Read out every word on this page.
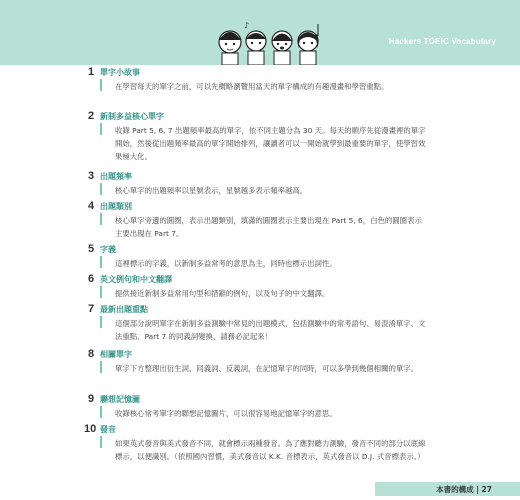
♪
Hackers TOEIC Vocabulary
1 單字小故事
在學習每天的單字之前，可以先概略瀏覽用當天的單字構成的有趣漫畫和學習重點。
2 新制多益核心單字
收錄 Part 5, 6, 7 出題頻率最高的單字，依不同主題分為 30 天。每天的順序先從漫畫裡的單字開始，然後從出題頻率最高的單字開始排列，讓讀者可以一開始就學到最重要的單字，使學習效果極大化。
3 出題頻率
核心單字的出題頻率以星號表示，星號越多表示頻率越高。
4 出題類別
核心單字旁邊的圓圈，表示出題類別，填滿的圓圈表示主要出現在 Part 5, 6，白色的圓圈表示主要出現在 Part 7。
5 字義
這裡標示的字義，以新制多益常考的意思為主，同時也標示出詞性。
6 英文例句和中文翻譯
提供接近新制多益常用句型和措辭的例句，以及句子的中文翻譯。
7 最新出題重點
這個部分說明單字在新制多益測驗中常見的出題模式，包括測驗中的常考語句、易混淆單字、文法重點、Part 7 的同義詞變換，請務必記起來！
8 相關單字
單字下方整理出衍生詞、同義詞、反義詞，在記憶單字的同時，可以多學到幾個相關的單字。
9 聯想記憶圖
收錄核心常考單字的聯想記憶圖片，可以很容易地記憶單字的意思。
10 發音
如果英式發音與美式發音不同，就會標示兩種發音。為了應對聽力測驗，發音不同的部分以底線標示，以便識別。（依照國內習慣，美式發音以 K.K. 音標表示，英式發音以 D.J. 式音標表示。）
本書的構成 | 27
